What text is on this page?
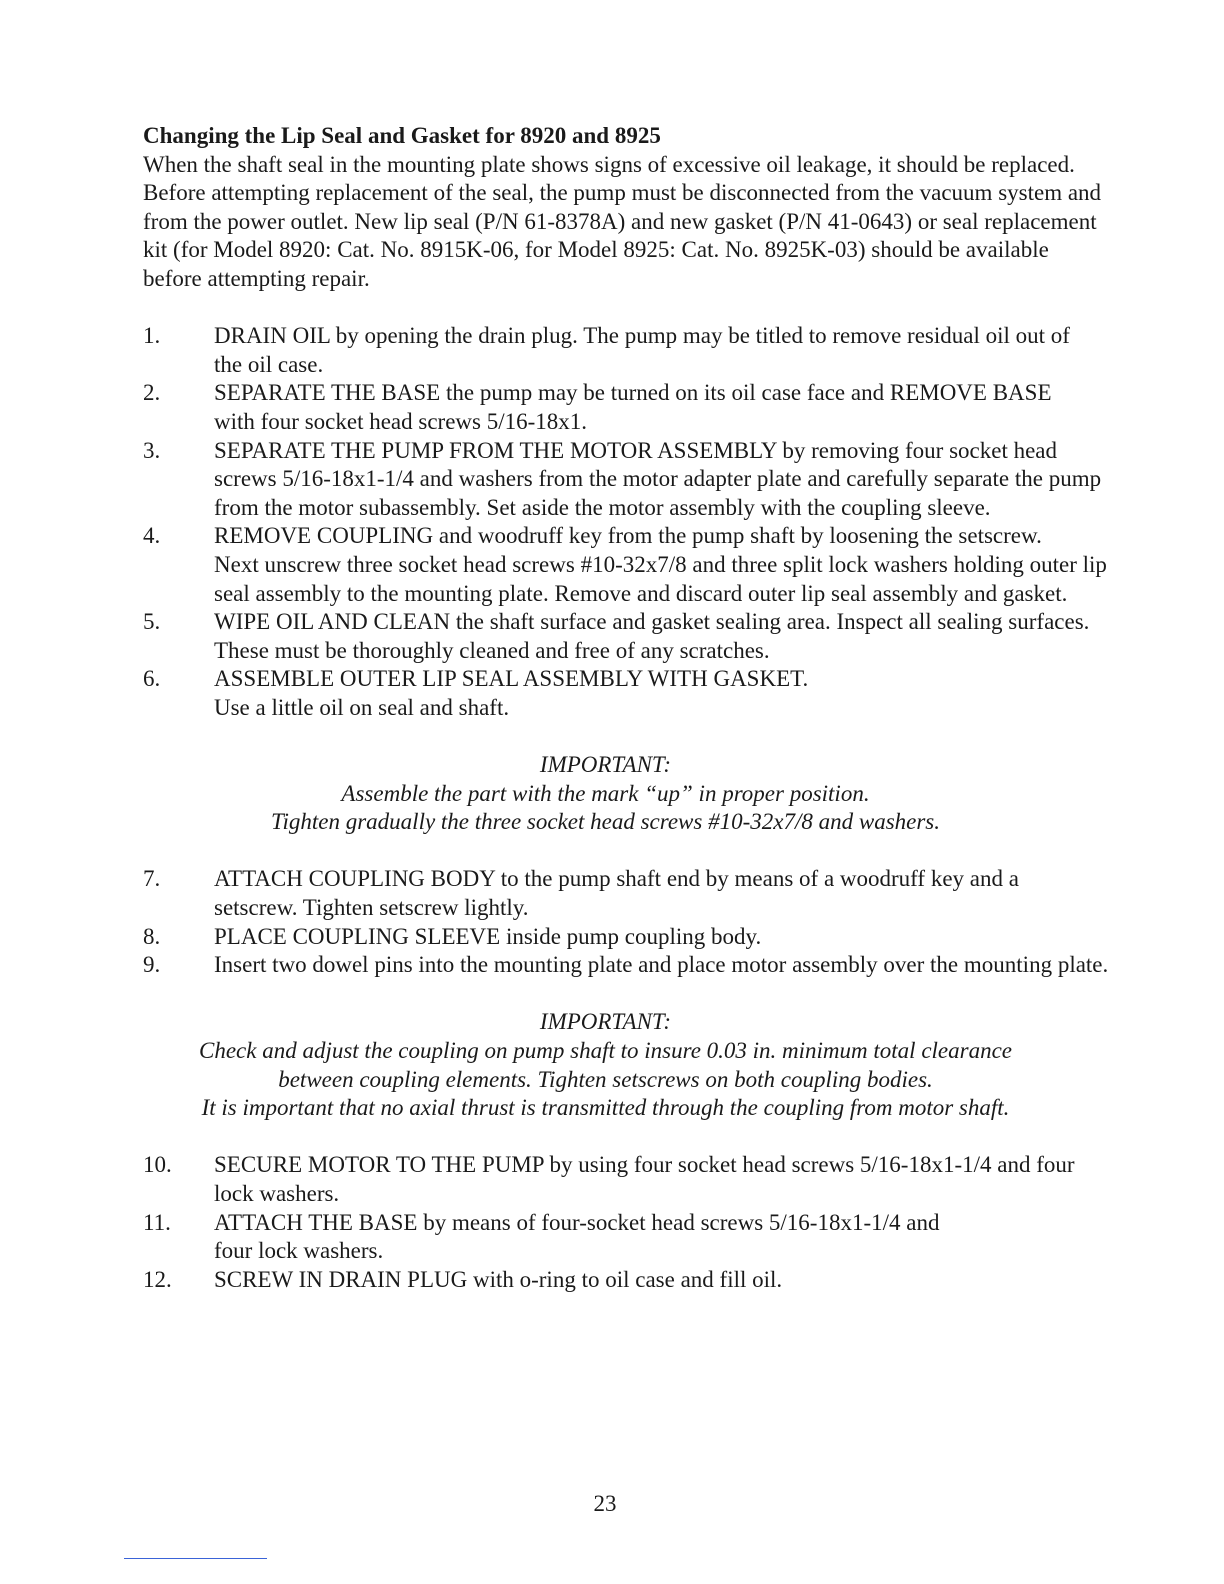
Changing the Lip Seal and Gasket for 8920 and 8925

When the shaft seal in the mounting plate shows signs of excessive oil leakage, it should be replaced.
Before attempting replacement of the seal, the pump must be disconnected from the vacuum system and
from the power outlet. New lip seal (P/N 61-8378A) and new gasket (P/N 41-0643) or seal replacement
kit (for Model 8920: Cat. No. 8915K-06, for Model 8925: Cat. No. 8925K-03) should be available
before attempting repair.

1.	DRAIN OIL by opening the drain plug. The pump may be titled to remove residual oil out of
the oil case.
2.	SEPARATE THE BASE the pump may be turned on its oil case face and REMOVE BASE
with four socket head screws 5/16-18x1.
3.	SEPARATE THE PUMP FROM THE MOTOR ASSEMBLY by removing four socket head
screws 5/16-18x1-1/4 and washers from the motor adapter plate and carefully separate the pump
from the motor subassembly. Set aside the motor assembly with the coupling sleeve.
4.	REMOVE COUPLING and woodruff key from the pump shaft by loosening the setscrew.
Next unscrew three socket head screws #10-32x7/8 and three split lock washers holding outer lip
seal assembly to the mounting plate. Remove and discard outer lip seal assembly and gasket.
5.	WIPE OIL AND CLEAN the shaft surface and gasket sealing area. Inspect all sealing surfaces.
These must be thoroughly cleaned and free of any scratches.
6.	ASSEMBLE OUTER LIP SEAL ASSEMBLY WITH GASKET.
Use a little oil on seal and shaft.
IMPORTANT:
Assemble the part with the mark “up” in proper position.
Tighten gradually the three socket head screws #10-32x7/8 and washers.
7.	ATTACH COUPLING BODY to the pump shaft end by means of a woodruff key and a
setscrew. Tighten setscrew lightly.
8.	PLACE COUPLING SLEEVE inside pump coupling body.
9.	Insert two dowel pins into the mounting plate and place motor assembly over the mounting plate.
IMPORTANT:
Check and adjust the coupling on pump shaft to insure 0.03 in. minimum total clearance
between coupling elements. Tighten setscrews on both coupling bodies.
It is important that no axial thrust is transmitted through the coupling from motor shaft.
10.	SECURE MOTOR TO THE PUMP by using four socket head screws 5/16-18x1-1/4 and four
lock washers.
11.	ATTACH THE BASE by means of four-socket head screws 5/16-18x1-1/4 and
four lock washers.
12.	SCREW IN DRAIN PLUG with o-ring to oil case and fill oil.
23
